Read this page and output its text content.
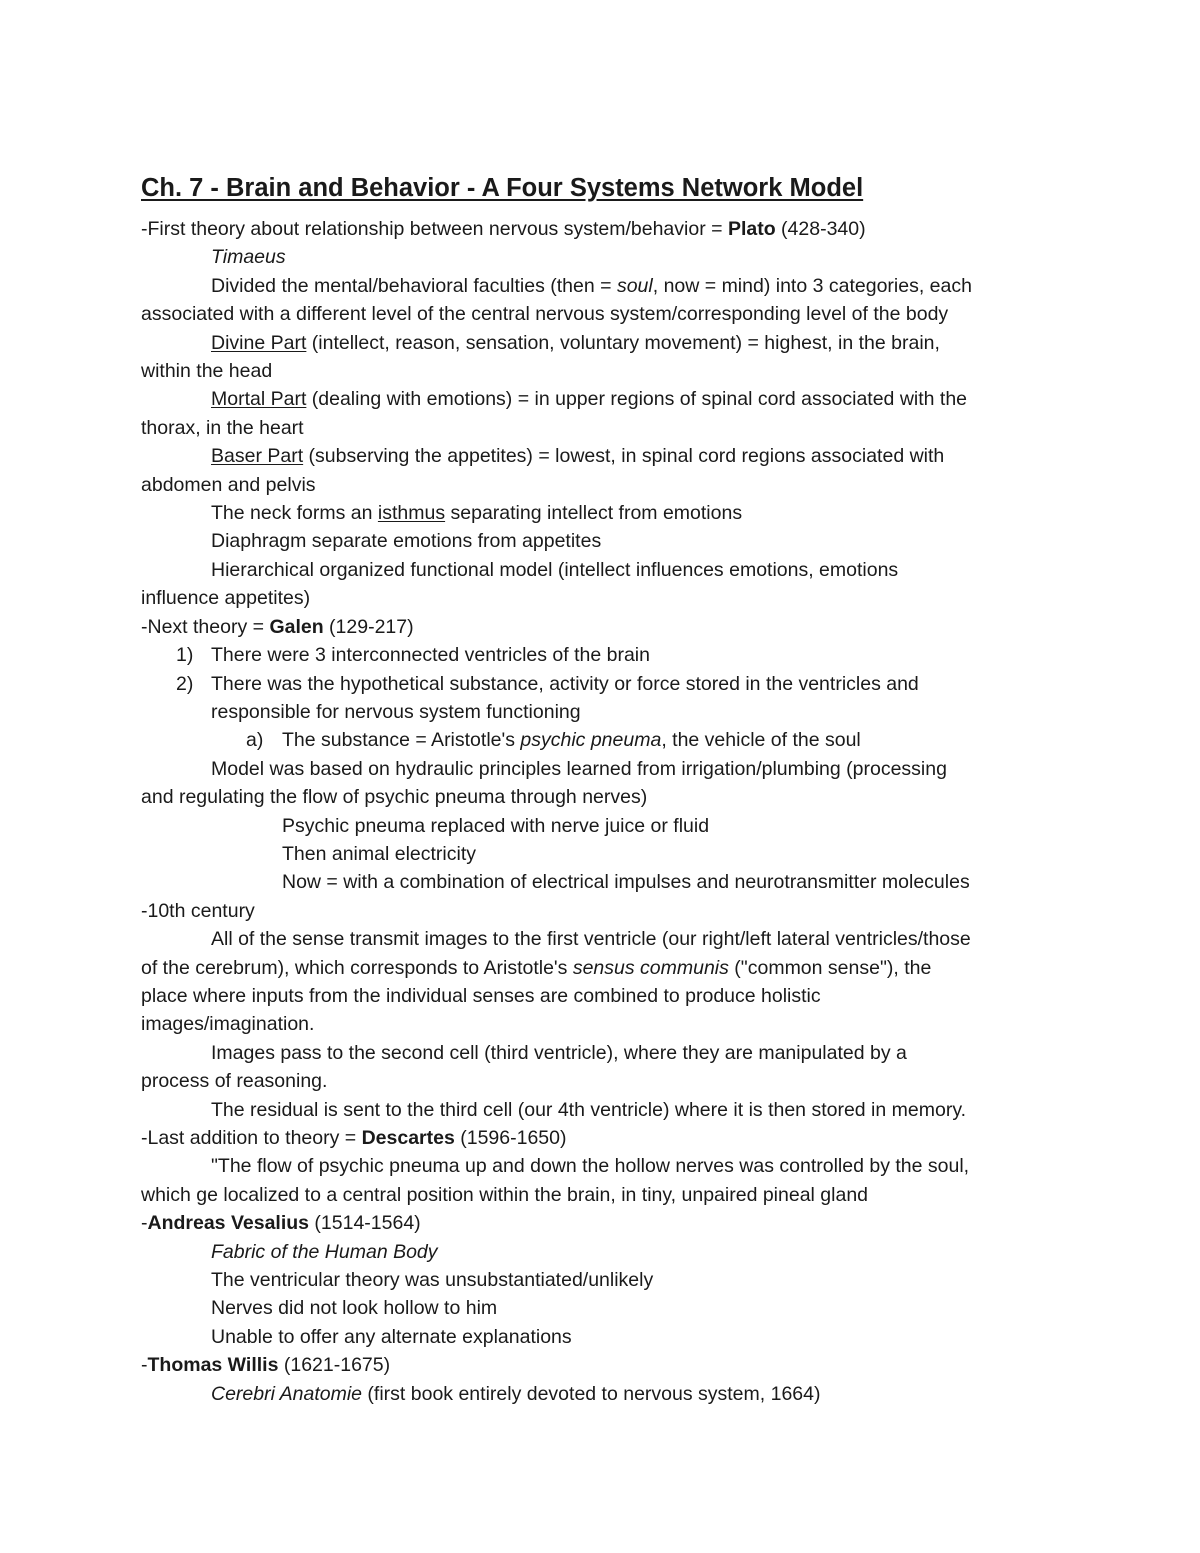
Ch. 7 - Brain and Behavior - A Four Systems Network Model
-First theory about relationship between nervous system/behavior = Plato (428-340)
Timaeus
Divided the mental/behavioral faculties (then = soul, now = mind) into 3 categories, each
associated with a different level of the central nervous system/corresponding level of the body
Divine Part (intellect, reason, sensation, voluntary movement) = highest, in the brain,
within the head
Mortal Part (dealing with emotions) = in upper regions of spinal cord associated with the
thorax, in the heart
Baser Part (subserving the appetites) = lowest, in spinal cord regions associated with
abdomen and pelvis
The neck forms an isthmus separating intellect from emotions
Diaphragm separate emotions from appetites
Hierarchical organized functional model (intellect influences emotions, emotions
influence appetites)
-Next theory = Galen (129-217)
1) There were 3 interconnected ventricles of the brain
2) There was the hypothetical substance, activity or force stored in the ventricles and
responsible for nervous system functioning
a) The substance = Aristotle's psychic pneuma, the vehicle of the soul
Model was based on hydraulic principles learned from irrigation/plumbing (processing
and regulating the flow of psychic pneuma through nerves)
Psychic pneuma replaced with nerve juice or fluid
Then animal electricity
Now = with a combination of electrical impulses and neurotransmitter molecules
-10th century
All of the sense transmit images to the first ventricle (our right/left lateral ventricles/those
of the cerebrum), which corresponds to Aristotle's sensus communis ("common sense"), the
place where inputs from the individual senses are combined to produce holistic
images/imagination.
Images pass to the second cell (third ventricle), where they are manipulated by a
process of reasoning.
The residual is sent to the third cell (our 4th ventricle) where it is then stored in memory.
-Last addition to theory = Descartes (1596-1650)
"The flow of psychic pneuma up and down the hollow nerves was controlled by the soul,
which ge localized to a central position within the brain, in tiny, unpaired pineal gland
-Andreas Vesalius (1514-1564)
Fabric of the Human Body
The ventricular theory was unsubstantiated/unlikely
Nerves did not look hollow to him
Unable to offer any alternate explanations
-Thomas Willis (1621-1675)
Cerebri Anatomie (first book entirely devoted to nervous system, 1664)
